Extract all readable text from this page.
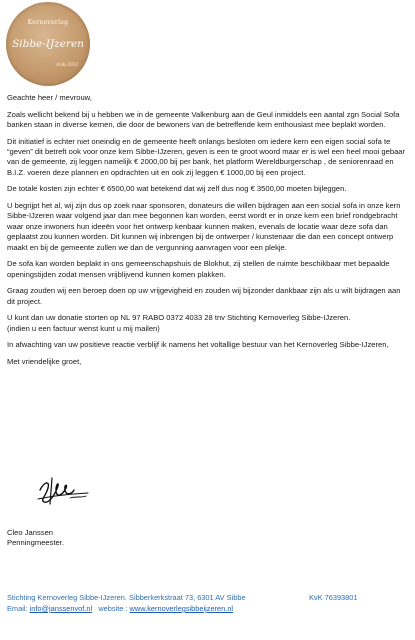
Kernoverleg
Sibbe-IJzeren
sinds 2012

Geachte heer / mevrouw,

Zoals wellicht bekend bij u hebben we in de gemeente Valkenburg aan de Geul inmiddels een aantal zgn Social Sofa banken staan in diverse kernen, die door de bewoners van de betreffende kern enthousiast mee beplakt worden.

Dit initiatief is echter niet oneindig en de gemeente heeft onlangs besloten om iedere kern een eigen social sofa te “geven” dit betreft ook voor onze kern Sibbe-IJzeren, geven is een te groot woord maar er is wel een heel mooi gebaar van de gemeente, zij leggen namelijk € 2000,00 bij per bank, het platform Wereldburgerschap , de seniorenraad en B.I.Z. voeren deze plannen en opdrachten uit en ook zij leggen € 1000,00 bij een project.

De totale kosten zijn echter € 6500,00 wat betekend dat wij zelf dus nog € 3500,00 moeten bijleggen.

U begrijpt het al, wij zijn dus op zoek naar sponsoren, donateurs die willen bijdragen aan een social sofa in onze kern Sibbe-IJzeren waar volgend jaar dan mee begonnen kan worden, eerst wordt er in onze kern een brief rondgebracht waar onze inwoners hun ideeën voor het ontwerp kenbaar kunnen maken, evenals de locatie waar deze sofa dan geplaatst zou kunnen worden. Dit kunnen wij inbrengen bij de ontwerper / kunstenaar die dan een concept ontwerp maakt en bij de gemeente zullen we dan de vergunning aanvragen voor een plekje.

De sofa kan worden beplakt in ons gemeenschapshuis de Blokhut, zij stellen de ruimte beschikbaar met bepaalde openingstijden zodat mensen vrijblijvend kunnen komen plakken.

Graag zouden wij een beroep doen op uw vrijgevigheid en zouden wij bijzonder dankbaar zijn als u wilt bijdragen aan dit project.

U kunt dan uw donatie storten op NL 97 RABO 0372 4033 28 tnv Stichting Kernoverleg Sibbe-IJzeren.
(indien u een factuur wenst kunt u mij mailen)

In afwachting van uw positieve reactie verblijf ik namens het voltallige bestuur van het Kernoverleg Sibbe-IJzeren,

Met vriendelijke groet,

Cleo Janssen
Penningmeester.
Stichting Kernoverleg Sibbe-IJzeren. Sibberkerkstraat 73, 6301 AV Sibbe	KvK 76393801
Email: info@janssenvof.nl   website : www.kernoverlegsibbeijzeren.nl
